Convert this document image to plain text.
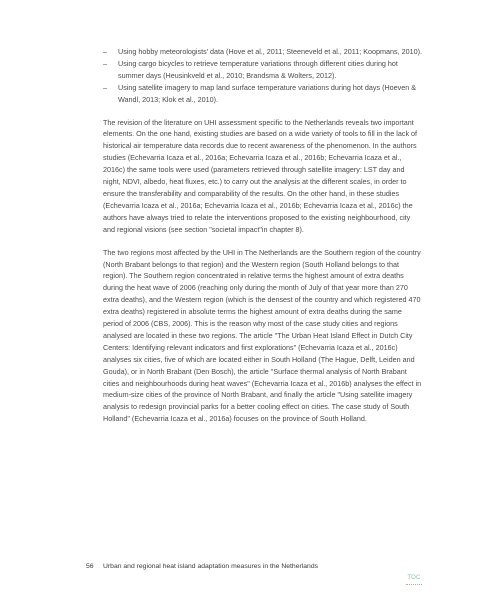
– Using hobby meteorologists' data (Hove et al., 2011; Steeneveld et al., 2011; Koopmans, 2010).
– Using cargo bicycles to retrieve temperature variations through different cities during hot summer days (Heusinkveld et al., 2010; Brandsma & Wolters, 2012).
– Using satellite imagery to map land surface temperature variations during hot days (Hoeven & Wandl, 2013; Klok et al., 2010).

The revision of the literature on UHI assessment specific to the Netherlands reveals two important elements. On the one hand, existing studies are based on a wide variety of tools to fill in the lack of historical air temperature data records due to recent awareness of the phenomenon. In the authors studies (Echevarria Icaza et al., 2016a; Echevarria Icaza et al., 2016b; Echevarria Icaza et al., 2016c) the same tools were used (parameters retrieved through satellite imagery: LST day and night, NDVI, albedo, heat fluxes, etc.) to carry out the analysis at the different scales, in order to ensure the transferability and comparability of the results. On the other hand, in these studies (Echevarria Icaza et al., 2016a; Echevarria Icaza et al., 2016b; Echevarria Icaza et al., 2016c) the authors have always tried to relate the interventions proposed to the existing neighbourhood, city and regional visions (see section "societal impact"in chapter 8).

The two regions most affected by the UHI in The Netherlands are the Southern region of the country (North Brabant belongs to that region) and the Western region (South Holland belongs to that region). The Southern region concentrated in relative terms the highest amount of extra deaths during the heat wave of 2006 (reaching only during the month of July of that year more than 270 extra deaths), and the Western region (which is the densest of the country and which registered 470 extra deaths) registered in absolute terms the highest amount of extra deaths during the same period of 2006 (CBS, 2006). This is the reason why most of the case study cities and regions analysed are located in these two regions. The article "The Urban Heat Island Effect in Dutch City Centers: Identifying relevant indicators and first explorations" (Echevarria Icaza et al., 2016c) analyses six cities, five of which are located either in South Holland (The Hague, Delft, Leiden and Gouda), or in North Brabant (Den Bosch), the article "Surface thermal analysis of North Brabant cities and neighbourhoods during heat waves" (Echevarria Icaza et al., 2016b) analyses the effect in medium-size cities of the province of North Brabant, and finally the article "Using satellite imagery analysis to redesign provincial parks for a better cooling effect on cities. The case study of South Holland" (Echevarria Icaza et al., 2016a) focuses on the province of South Holland.

56 Urban and regional heat island adaptation measures in the Netherlands
TOC
